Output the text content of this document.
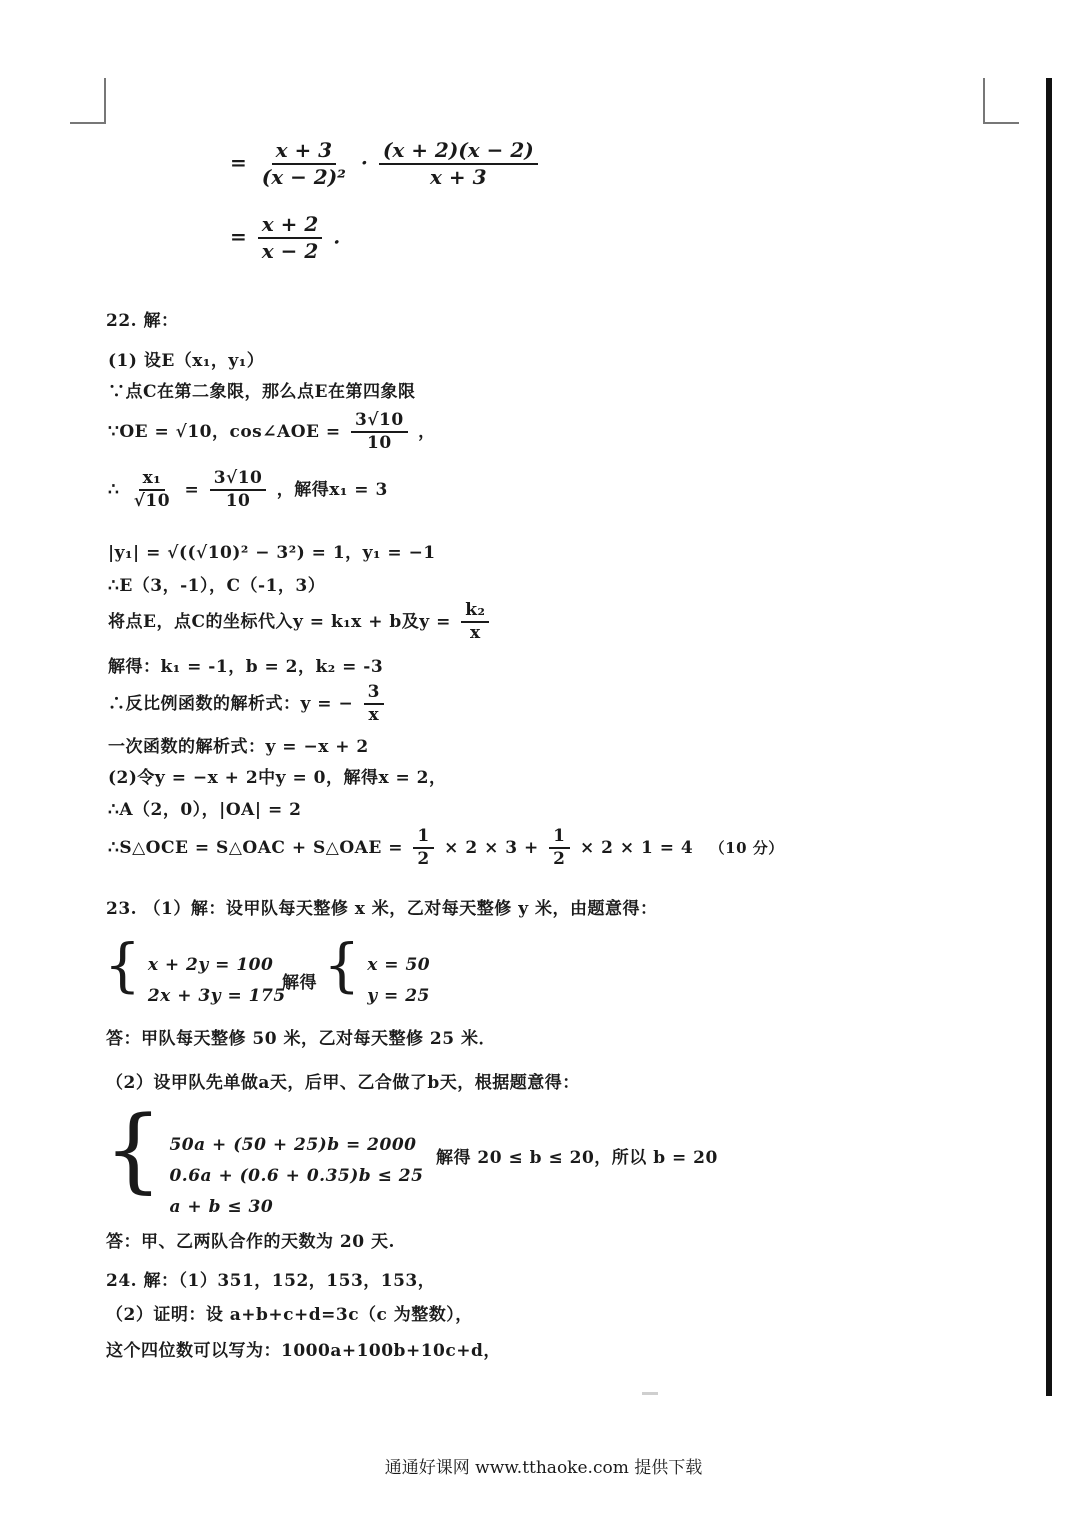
= $\frac{x + 3}{\text{(x − 2)²}} \cdot \frac{(x + 2)(x - 2)}{x + 3}$
= $\frac{x + 2}{x - 2}$ .
22. 解：
(1) 设E（x₁，y₁）
∵点C在第二象限，那么点E在第四象限
∵OE = √10，cos∠AOE = $\frac{3√10}{10}$ ，
∴ $\frac{\text{x₁}}{√10} = \frac{3√10}{10}$ ，解得x₁ = 3
|y₁| = √((√10)² − 3²) = 1，y₁ = −1
∴E（3，-1），C（-1，3）
将点E，点C的坐标代入y = k₁x + b及$y = \frac{\text{k₂}}{x}$
解得：k₁ = -1，b = 2，k₂ = -3
∴反比例函数的解析式：y = − $\frac{3}{x}$
一次函数的解析式：y = −x + 2
(2)令y = −x + 2中y = 0，解得x = 2，
∴A（2，0），|OA| = 2
∴S△OCE = S△OAC + S△OAE = $\frac{1}{2} \times 2 \times 3 + \frac{1}{2} \times 2 \times 1 = 4$ （10 分）
23. （1）解：设甲队每天整修 x 米，乙对每天整修 y 米，由题意得：
{ x + 2y = 100
2x + 3y = 175
解得 { x = 50
y = 25
答：甲队每天整修 50 米，乙对每天整修 25 米．
（2）设甲队先单做a天，后甲、乙合做了b天，根据题意得：
{ 50a + (50 + 25)b = 2000
0.6a + (0.6 + 0.35)b ≤ 25
a + b ≤ 30
解得 20 ≤ b ≤ 20，所以 b = 20
答：甲、乙两队合作的天数为 20 天.
24. 解：（1）351，152，153，153，
（2）证明：设 a+b+c+d=3c（c 为整数），
这个四位数可以写为：1000a+100b+10c+d，
通通好课网 www.tthaoke.com 提供下载
